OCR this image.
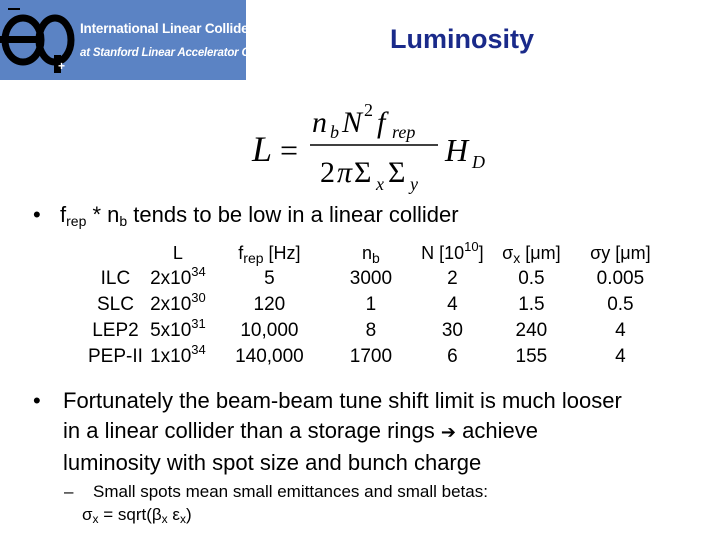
+
International Linear Collider
at Stanford Linear Accelerator Center	Luminosity
L =
n b N 2 f rep
2 π Σ x Σ y
H D
• $f_{rep} * n_b$ tends to be low in a linear collider
	L	$f_{rep}$ [Hz]	$n_b$	N $[10^{10}]$	$\sigma_x$ [μm]	σy [μm]
ILC	$2x10^{34}$	5	3000	2	0.5	0.005
SLC	$2x10^{30}$	120	1	4	1.5	0.5
LEP2	$5x10^{31}$	10,000	8	30	240	4
PEP-II	$1x10^{34}$	140,000	1700	6	155	4
• Fortunately the beam-beam tune shift limit is much looser
in a linear collider than a storage rings ➔ achieve
luminosity with spot size and bunch charge
– Small spots mean small emittances and small betas:
$\sigma_x$ = $sqrt(\beta_x$ $\varepsilon_x$)
